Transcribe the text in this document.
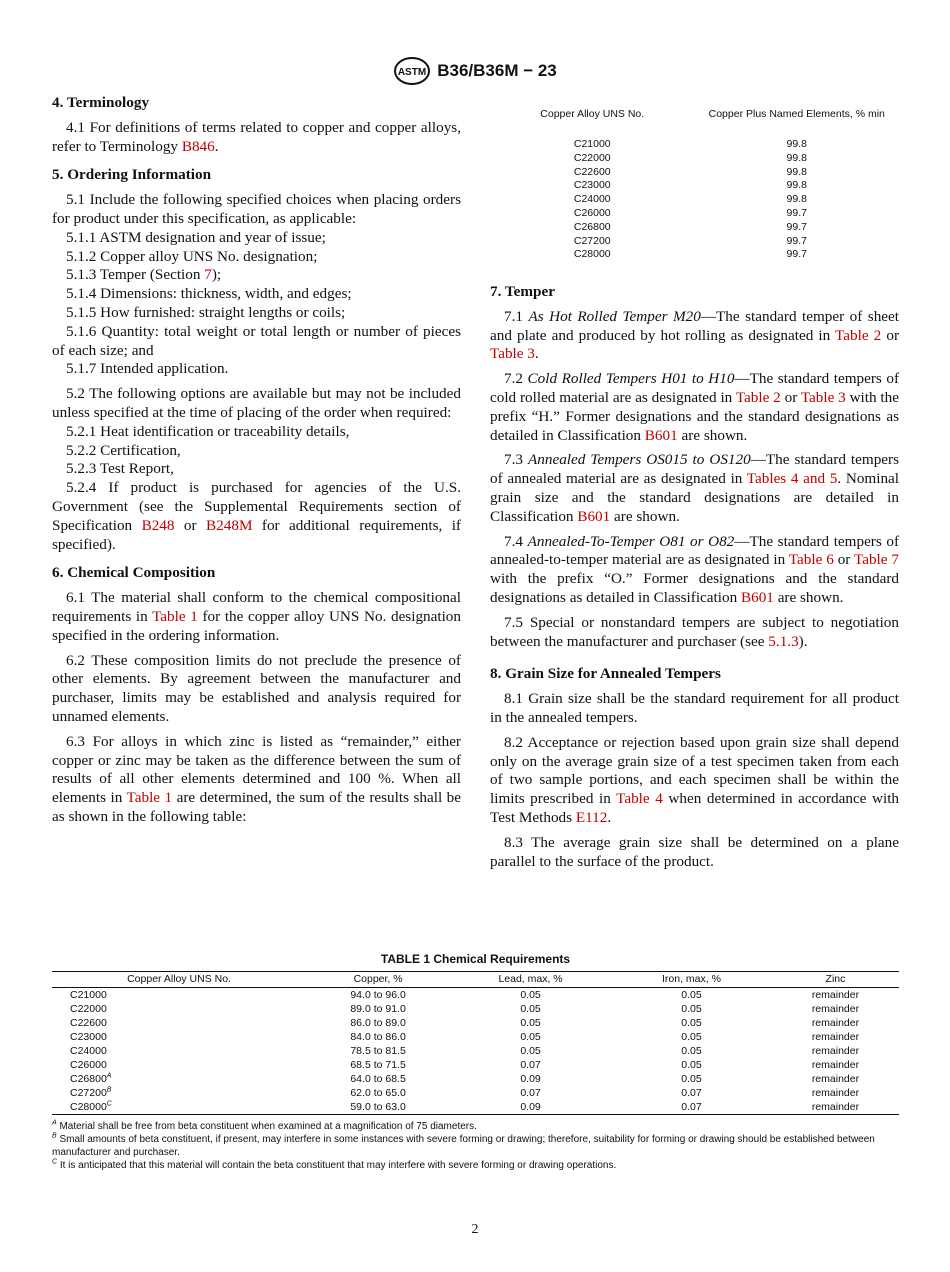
ASTM B36/B36M − 23
4. Terminology

4.1 For definitions of terms related to copper and copper alloys, refer to Terminology B846.

5. Ordering Information

5.1 Include the following specified choices when placing orders for product under this specification, as applicable:

5.1.1 ASTM designation and year of issue;

5.1.2 Copper alloy UNS No. designation;

5.1.3 Temper (Section 7);

5.1.4 Dimensions: thickness, width, and edges;

5.1.5 How furnished: straight lengths or coils;

5.1.6 Quantity: total weight or total length or number of pieces of each size; and

5.1.7 Intended application.

5.2 The following options are available but may not be included unless specified at the time of placing of the order when required:

5.2.1 Heat identification or traceability details,

5.2.2 Certification,

5.2.3 Test Report,

5.2.4 If product is purchased for agencies of the U.S. Government (see the Supplemental Requirements section of Specification B248 or B248M for additional requirements, if specified).

6. Chemical Composition

6.1 The material shall conform to the chemical compositional requirements in Table 1 for the copper alloy UNS No. designation specified in the ordering information.

6.2 These composition limits do not preclude the presence of other elements. By agreement between the manufacturer and purchaser, limits may be established and analysis required for unnamed elements.

6.3 For alloys in which zinc is listed as “remainder,” either copper or zinc may be taken as the difference between the sum of results of all other elements determined and 100 %. When all elements in Table 1 are determined, the sum of the results shall be as shown in the following table:

Copper Alloy UNS No.	Copper Plus Named Elements, % min
C21000	99.8
C22000	99.8
C22600	99.8
C23000	99.8
C24000	99.8
C26000	99.7
C26800	99.7
C27200	99.7
C28000	99.7
7. Temper

7.1 As Hot Rolled Temper M20—The standard temper of sheet and plate and produced by hot rolling as designated in Table 2 or Table 3.

7.2 Cold Rolled Tempers H01 to H10—The standard tempers of cold rolled material are as designated in Table 2 or Table 3 with the prefix “H.” Former designations and the standard designations as detailed in Classification B601 are shown.

7.3 Annealed Tempers OS015 to OS120—The standard tempers of annealed material are as designated in Tables 4 and 5. Nominal grain size and the standard designations are detailed in Classification B601 are shown.

7.4 Annealed-To-Temper O81 or O82—The standard tempers of annealed-to-temper material are as designated in Table 6 or Table 7 with the prefix “O.” Former designations and the standard designations as detailed in Classification B601 are shown.

7.5 Special or nonstandard tempers are subject to negotiation between the manufacturer and purchaser (see 5.1.3).

8. Grain Size for Annealed Tempers

8.1 Grain size shall be the standard requirement for all product in the annealed tempers.

8.2 Acceptance or rejection based upon grain size shall depend only on the average grain size of a test specimen taken from each of two sample portions, and each specimen shall be within the limits prescribed in Table 4 when determined in accordance with Test Methods E112.

8.3 The average grain size shall be determined on a plane parallel to the surface of the product.

TABLE 1 Chemical Requirements
Copper Alloy UNS No.	Copper, %	Lead, max, %	Iron, max, %	Zinc
C21000	94.0 to 96.0	0.05	0.05	remainder
C22000	89.0 to 91.0	0.05	0.05	remainder
C22600	86.0 to 89.0	0.05	0.05	remainder
C23000	84.0 to 86.0	0.05	0.05	remainder
C24000	78.5 to 81.5	0.05	0.05	remainder
C26000	68.5 to 71.5	0.07	0.05	remainder
$C26800^A$	64.0 to 68.5	0.09	0.05	remainder
$C27200^B$	62.0 to 65.0	0.07	0.07	remainder
$C28000^C$	59.0 to 63.0	0.09	0.07	remainder
$^A$ Material shall be free from beta constituent when examined at a magnification of 75 diameters.
$^B$ Small amounts of beta constituent, if present, may interfere in some instances with severe forming or drawing; therefore, suitability for forming or drawing should be established between manufacturer and purchaser.
$^C$ It is anticipated that this material will contain the beta constituent that may interfere with severe forming or drawing operations.
2
